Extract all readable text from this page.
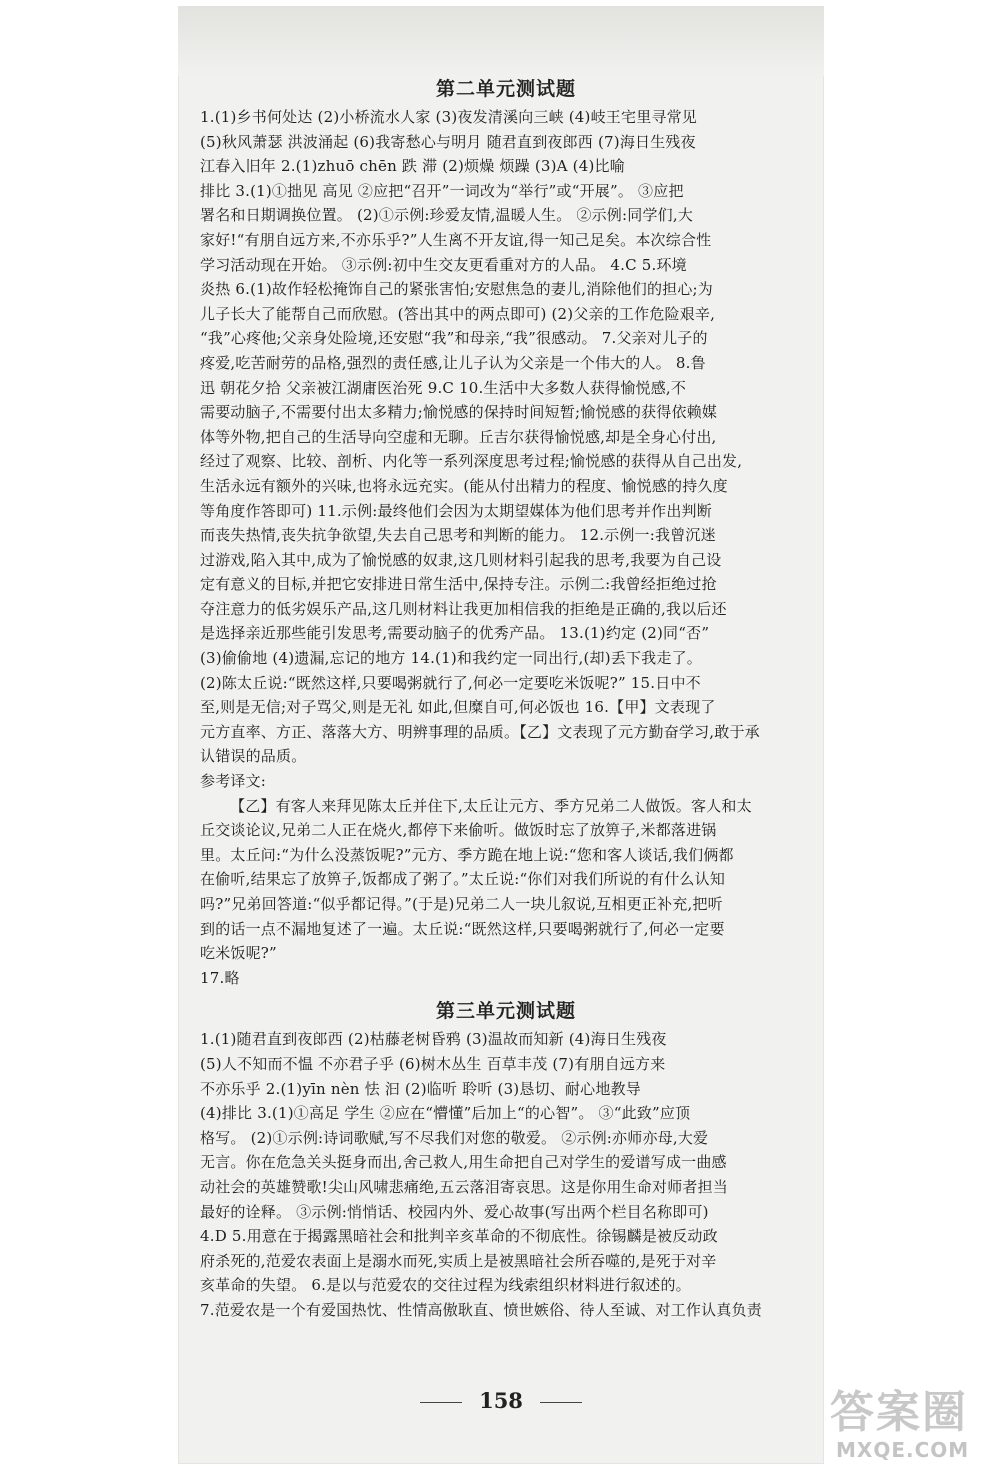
第二单元测试题
1.(1)乡书何处达 (2)小桥流水人家 (3)夜发清溪向三峡 (4)岐王宅里寻常见
(5)秋风萧瑟 洪波涌起 (6)我寄愁心与明月 随君直到夜郎西 (7)海日生残夜
江春入旧年 2.(1)zhuō chēn 跌 滞 (2)烦燥 烦躁 (3)A (4)比喻
排比 3.(1)①拙见 高见 ②应把“召开”一词改为“举行”或“开展”。 ③应把
署名和日期调换位置。 (2)①示例:珍爱友情,温暖人生。 ②示例:同学们,大
家好!“有朋自远方来,不亦乐乎?”人生离不开友谊,得一知己足矣。本次综合性
学习活动现在开始。 ③示例:初中生交友更看重对方的人品。 4.C 5.环境
炎热 6.(1)故作轻松掩饰自己的紧张害怕;安慰焦急的妻儿,消除他们的担心;为
儿子长大了能帮自己而欣慰。(答出其中的两点即可) (2)父亲的工作危险艰辛,
“我”心疼他;父亲身处险境,还安慰“我”和母亲,“我”很感动。 7.父亲对儿子的
疼爱,吃苦耐劳的品格,强烈的责任感,让儿子认为父亲是一个伟大的人。 8.鲁
迅 朝花夕拾 父亲被江湖庸医治死 9.C 10.生活中大多数人获得愉悦感,不
需要动脑子,不需要付出太多精力;愉悦感的保持时间短暂;愉悦感的获得依赖媒
体等外物,把自己的生活导向空虚和无聊。丘吉尔获得愉悦感,却是全身心付出,
经过了观察、比较、剖析、内化等一系列深度思考过程;愉悦感的获得从自己出发,
生活永远有额外的兴味,也将永远充实。(能从付出精力的程度、愉悦感的持久度
等角度作答即可) 11.示例:最终他们会因为太期望媒体为他们思考并作出判断
而丧失热情,丧失抗争欲望,失去自己思考和判断的能力。 12.示例一:我曾沉迷
过游戏,陷入其中,成为了愉悦感的奴隶,这几则材料引起我的思考,我要为自己设
定有意义的目标,并把它安排进日常生活中,保持专注。示例二:我曾经拒绝过抢
夺注意力的低劣娱乐产品,这几则材料让我更加相信我的拒绝是正确的,我以后还
是选择亲近那些能引发思考,需要动脑子的优秀产品。 13.(1)约定 (2)同“否”
(3)偷偷地 (4)遗漏,忘记的地方 14.(1)和我约定一同出行,(却)丢下我走了。
(2)陈太丘说:“既然这样,只要喝粥就行了,何必一定要吃米饭呢?” 15.日中不
至,则是无信;对子骂父,则是无礼 如此,但糜自可,何必饭也 16.【甲】文表现了
元方直率、方正、落落大方、明辨事理的品质。【乙】文表现了元方勤奋学习,敢于承
认错误的品质。
参考译文:
【乙】有客人来拜见陈太丘并住下,太丘让元方、季方兄弟二人做饭。客人和太
丘交谈论议,兄弟二人正在烧火,都停下来偷听。做饭时忘了放箅子,米都落进锅
里。太丘问:“为什么没蒸饭呢?”元方、季方跪在地上说:“您和客人谈话,我们俩都
在偷听,结果忘了放箅子,饭都成了粥了。”太丘说:“你们对我们所说的有什么认知
吗?”兄弟回答道:“似乎都记得。”(于是)兄弟二人一块儿叙说,互相更正补充,把听
到的话一点不漏地复述了一遍。太丘说:“既然这样,只要喝粥就行了,何必一定要
吃米饭呢?”
17.略
第三单元测试题
1.(1)随君直到夜郎西 (2)枯藤老树昏鸦 (3)温故而知新 (4)海日生残夜
(5)人不知而不愠 不亦君子乎 (6)树木丛生 百草丰茂 (7)有朋自远方来
不亦乐乎 2.(1)yīn nèn 怯 汩 (2)临听 聆听 (3)恳切、耐心地教导
(4)排比 3.(1)①高足 学生 ②应在“懵懂”后加上“的心智”。 ③“此致”应顶
格写。 (2)①示例:诗词歌赋,写不尽我们对您的敬爱。 ②示例:亦师亦母,大爱
无言。你在危急关头挺身而出,舍己救人,用生命把自己对学生的爱谱写成一曲感
动社会的英雄赞歌!尖山风啸悲痛绝,五云落泪寄哀思。这是你用生命对师者担当
最好的诠释。 ③示例:悄悄话、校园内外、爱心故事(写出两个栏目名称即可)
4.D 5.用意在于揭露黑暗社会和批判辛亥革命的不彻底性。徐锡麟是被反动政
府杀死的,范爱农表面上是溺水而死,实质上是被黑暗社会所吞噬的,是死于对辛
亥革命的失望。 6.是以与范爱农的交往过程为线索组织材料进行叙述的。
7.范爱农是一个有爱国热忱、性情高傲耿直、愤世嫉俗、待人至诚、对工作认真负责
158	答案圈
MXQE.COM
